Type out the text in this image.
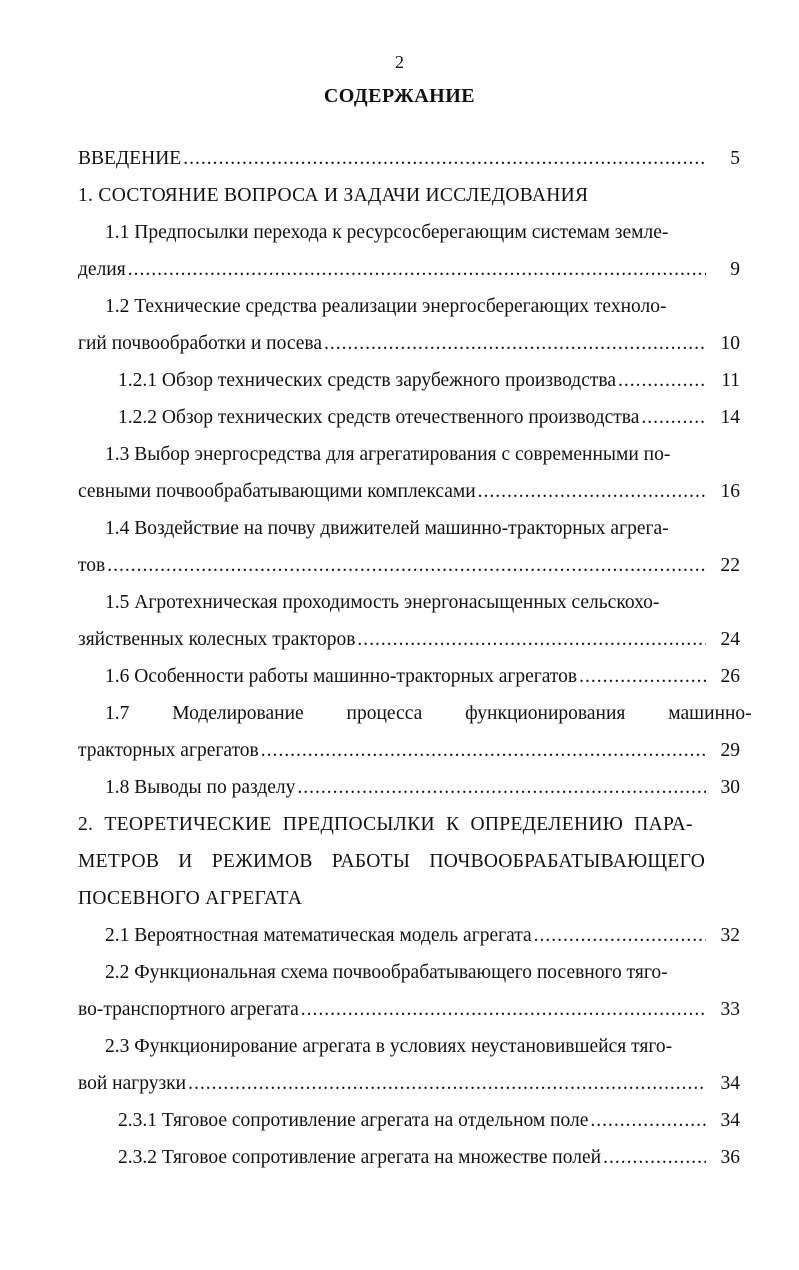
2
СОДЕРЖАНИЕ
ВВЕДЕНИЕ .....	5
1. СОСТОЯНИЕ ВОПРОСА И ЗАДАЧИ ИССЛЕДОВАНИЯ
1.1 Предпосылки перехода к ресурсосберегающим системам земле-
делия .....	9
1.2 Технические средства реализации энергосберегающих техноло-
гий почвообработки и посева .....	10
1.2.1 Обзор технических средств зарубежного производства .....	11
1.2.2 Обзор технических средств отечественного производства .....	14
1.3 Выбор энергосредства для агрегатирования с современными по-
севными почвообрабатывающими комплексами .....	16
1.4 Воздействие на почву движителей машинно-тракторных агрега-
тов .....	22
1.5 Агротехническая проходимость энергонасыщенных сельскохо-
зяйственных колесных тракторов .....	24
1.6 Особенности работы машинно-тракторных агрегатов .....	26
1.7 Моделирование процесса функционирования машинно-
тракторных агрегатов .....	29
1.8 Выводы по разделу .....	30
2. ТЕОРЕТИЧЕСКИЕ ПРЕДПОСЫЛКИ К ОПРЕДЕЛЕНИЮ ПАРА-
МЕТРОВ И РЕЖИМОВ РАБОТЫ ПОЧВООБРАБАТЫВАЮЩЕГО
ПОСЕВНОГО АГРЕГАТА
2.1 Вероятностная математическая модель агрегата .....	32
2.2 Функциональная схема почвообрабатывающего посевного тяго-
во-транспортного агрегата .....	33
2.3 Функционирование агрегата в условиях неустановившейся тяго-
вой нагрузки .....	34
2.3.1 Тяговое сопротивление агрегата на отдельном поле .....	34
2.3.2 Тяговое сопротивление агрегата на множестве полей .....	36
